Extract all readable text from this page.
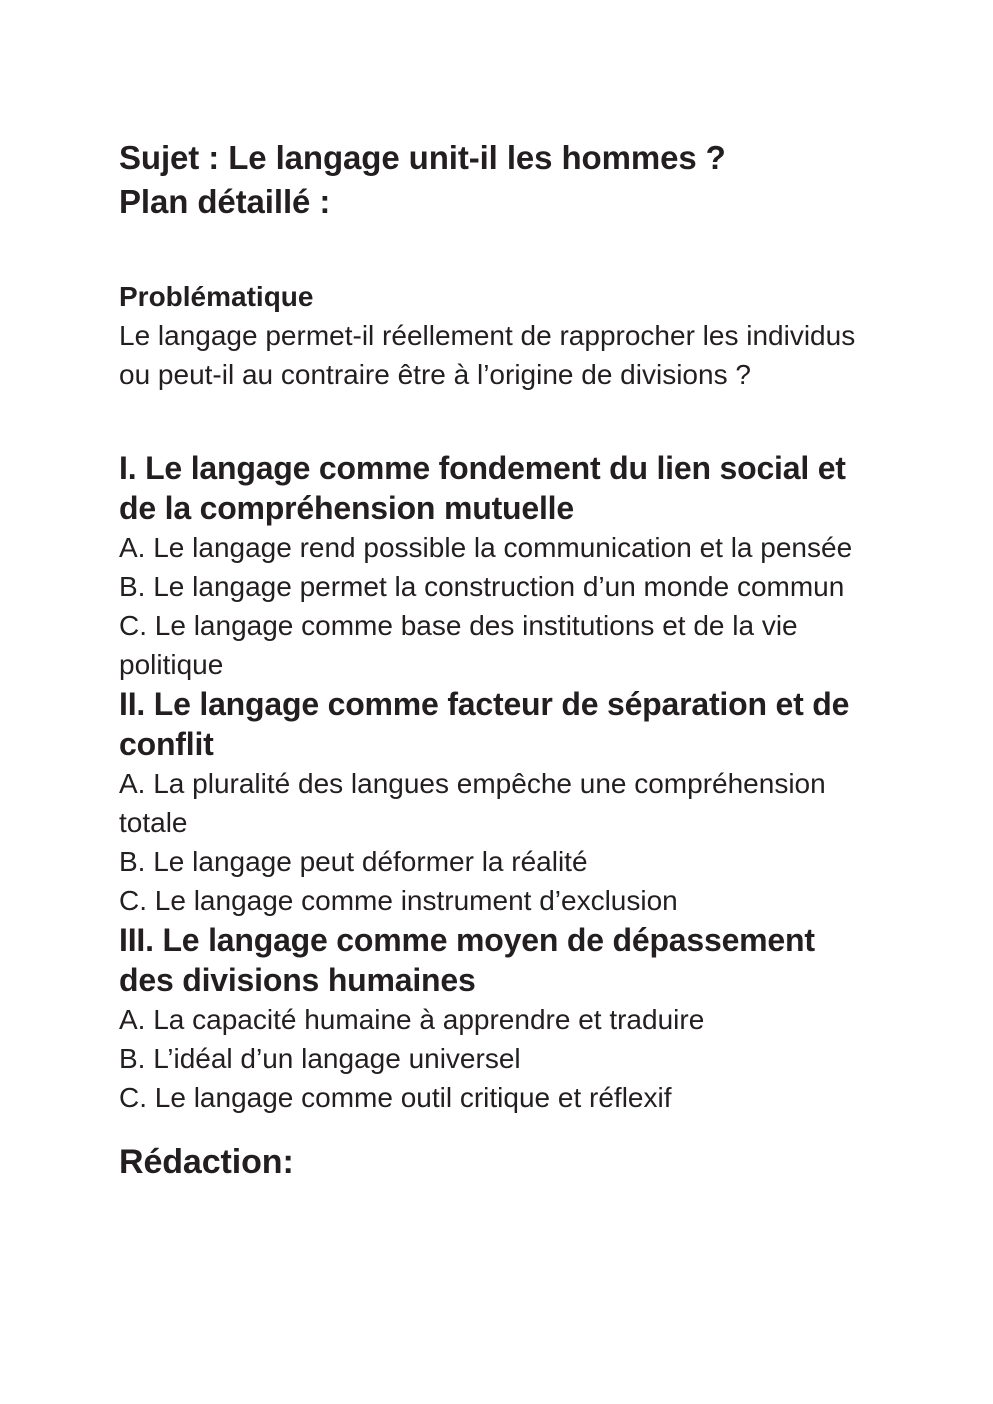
Sujet : Le langage unit-il les hommes ?
Plan détaillé :
Problématique

Le langage permet-il réellement de rapprocher les individus ou peut-il au contraire être à l’origine de divisions ?

I. Le langage comme fondement du lien social et de la compréhension mutuelle

A. Le langage rend possible la communication et la pensée

B. Le langage permet la construction d’un monde commun

C. Le langage comme base des institutions et de la vie politique

II. Le langage comme facteur de séparation et de conflit

A. La pluralité des langues empêche une compréhension totale

B. Le langage peut déformer la réalité

C. Le langage comme instrument d’exclusion

III. Le langage comme moyen de dépassement des divisions humaines

A. La capacité humaine à apprendre et traduire

B. L’idéal d’un langage universel

C. Le langage comme outil critique et réflexif

Rédaction:
